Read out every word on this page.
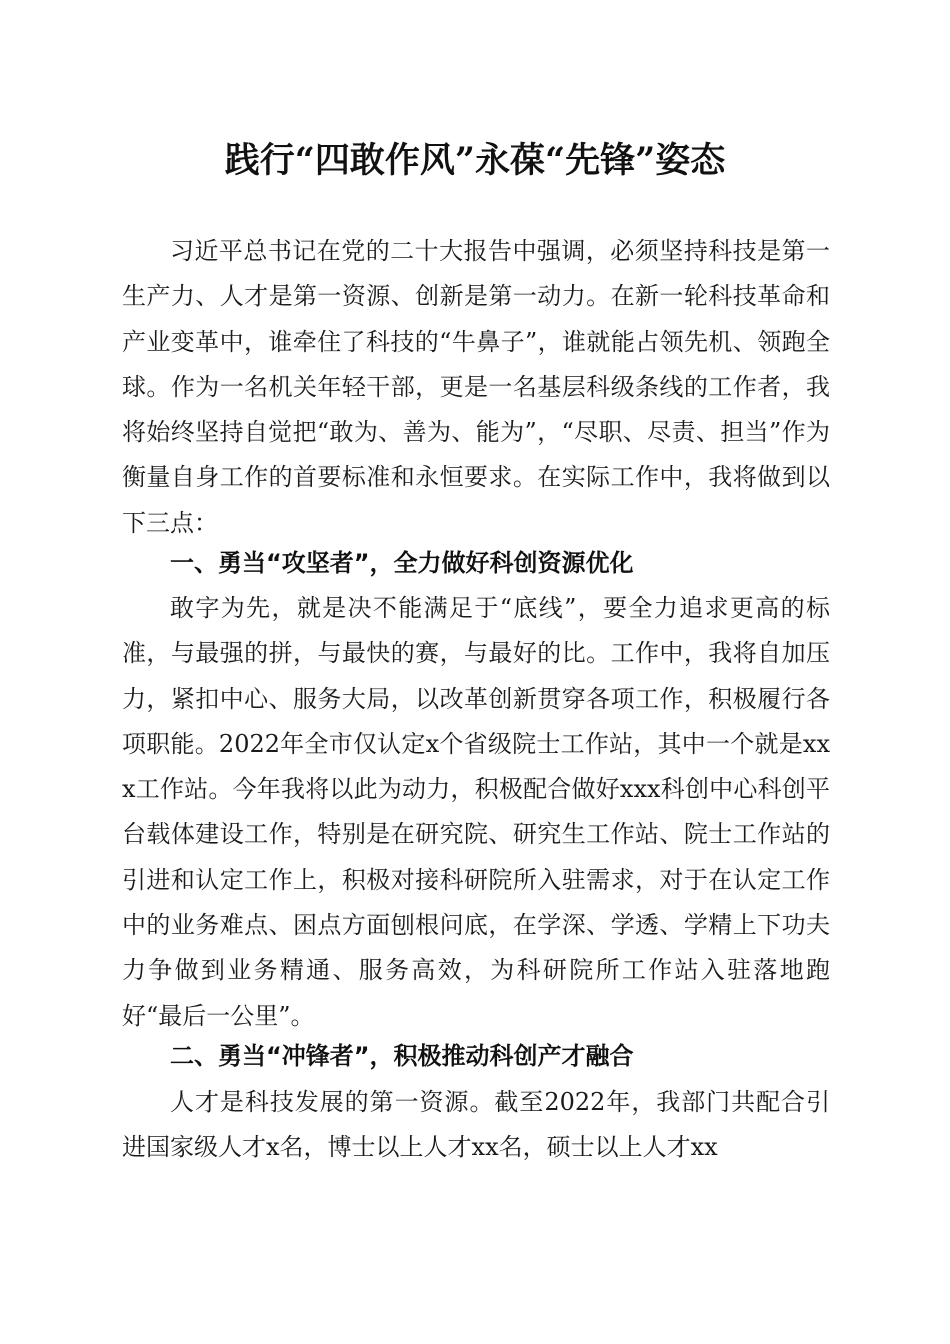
践行“四敢作风”永葆“先锋”姿态

习近平总书记在党的二十大报告中强调，必须坚持科技是第一生产力、人才是第一资源、创新是第一动力。在新一轮科技革命和产业变革中，谁牵住了科技的“牛鼻子”，谁就能占领先机、领跑全球。作为一名机关年轻干部，更是一名基层科级条线的工作者，我将始终坚持自觉把“敢为、善为、能为”，“尽职、尽责、担当”作为衡量自身工作的首要标准和永恒要求。在实际工作中，我将做到以下三点：

一、勇当“攻坚者”，全力做好科创资源优化

敢字为先，就是决不能满足于“底线”，要全力追求更高的标准，与最强的拼，与最快的赛，与最好的比。工作中，我将自加压力，紧扣中心、服务大局，以改革创新贯穿各项工作，积极履行各项职能。2022年全市仅认定x个省级院士工作站，其中一个就是xxx工作站。今年我将以此为动力，积极配合做好xxx科创中心科创平台载体建设工作，特别是在研究院、研究生工作站、院士工作站的引进和认定工作上，积极对接科研院所入驻需求，对于在认定工作中的业务难点、困点方面刨根问底，在学深、学透、学精上下功夫力争做到业务精通、服务高效，为科研院所工作站入驻落地跑好“最后一公里”。

二、勇当“冲锋者”，积极推动科创产才融合

人才是科技发展的第一资源。截至2022年，我部门共配合引进国家级人才x名，博士以上人才xx名，硕士以上人才xx
